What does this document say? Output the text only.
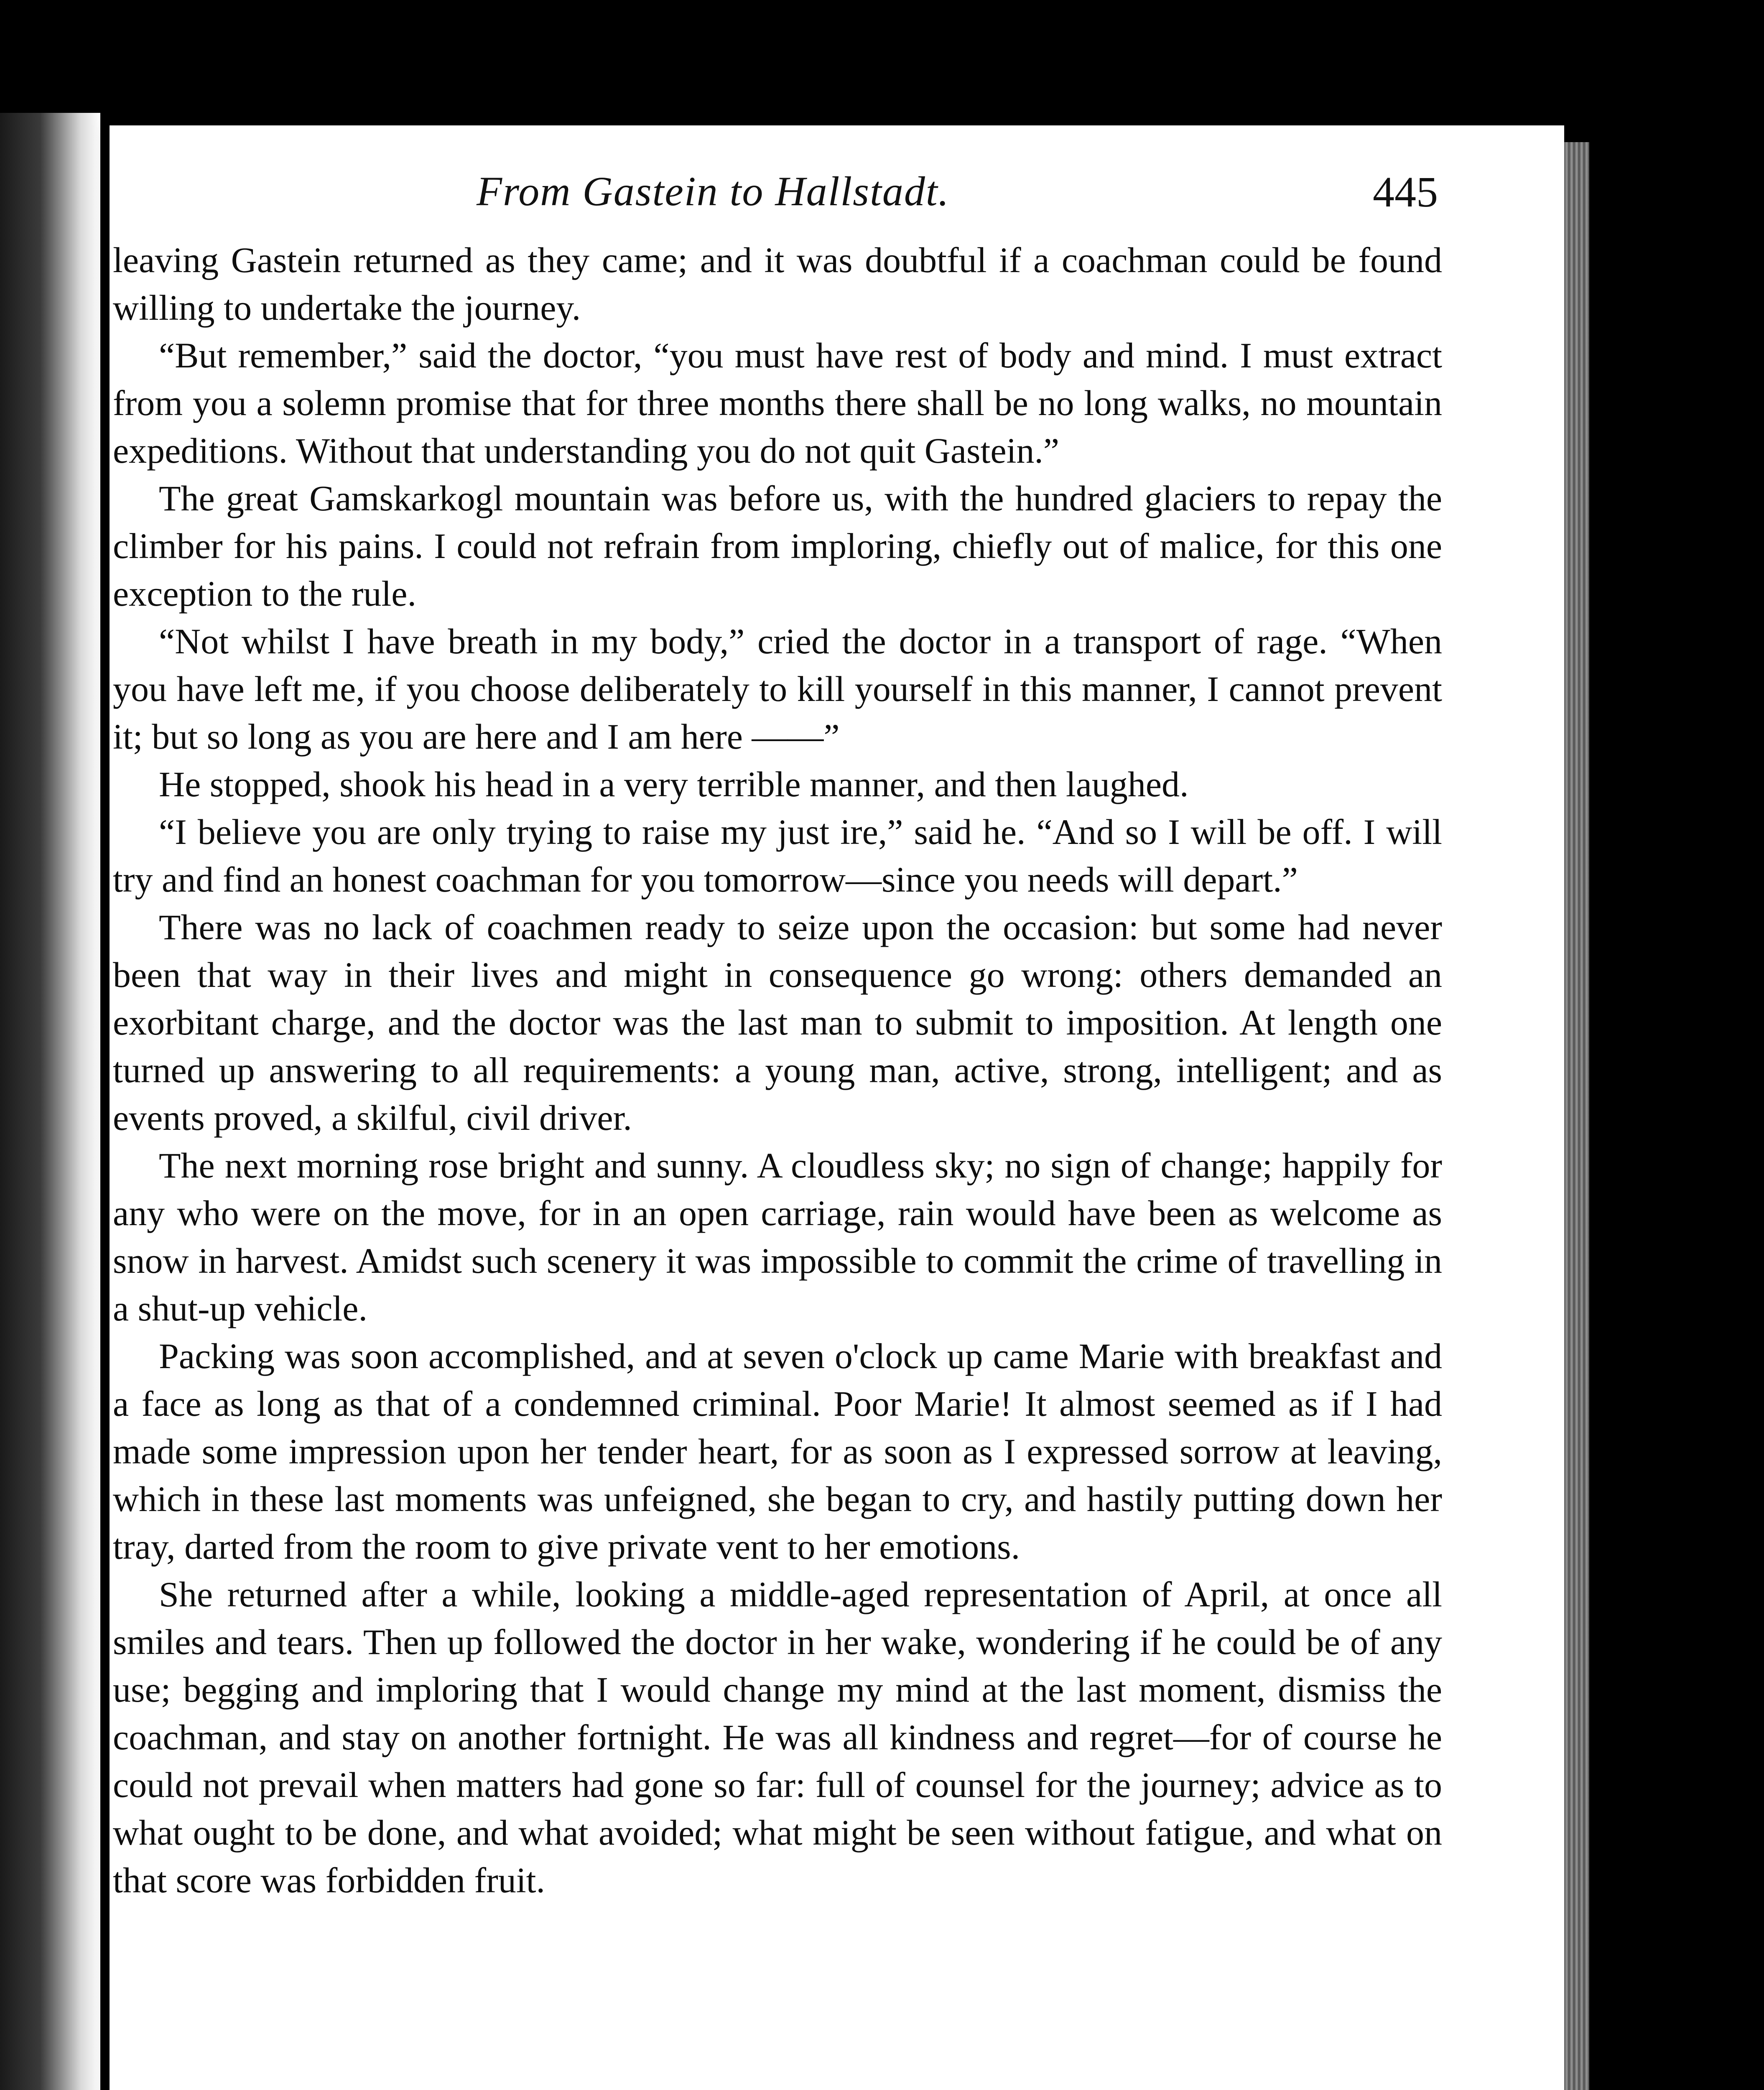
From Gastein to Hallstadt.	445

leaving Gastein returned as they came; and it was doubtful if a coachman could be found willing to undertake the journey.

“But remember,” said the doctor, “you must have rest of body and mind. I must extract from you a solemn promise that for three months there shall be no long walks, no mountain expeditions. Without that understanding you do not quit Gastein.”

The great Gamskarkogl mountain was before us, with the hundred glaciers to repay the climber for his pains. I could not refrain from imploring, chiefly out of malice, for this one exception to the rule.

“Not whilst I have breath in my body,” cried the doctor in a transport of rage. “When you have left me, if you choose deliberately to kill yourself in this manner, I cannot prevent it; but so long as you are here and I am here ——”

He stopped, shook his head in a very terrible manner, and then laughed.

“I believe you are only trying to raise my just ire,” said he. “And so I will be off. I will try and find an honest coachman for you tomorrow—since you needs will depart.”

There was no lack of coachmen ready to seize upon the occasion: but some had never been that way in their lives and might in consequence go wrong: others demanded an exorbitant charge, and the doctor was the last man to submit to imposition. At length one turned up answering to all requirements: a young man, active, strong, intelligent; and as events proved, a skilful, civil driver.

The next morning rose bright and sunny. A cloudless sky; no sign of change; happily for any who were on the move, for in an open carriage, rain would have been as welcome as snow in harvest. Amidst such scenery it was impossible to commit the crime of travelling in a shut-up vehicle.

Packing was soon accomplished, and at seven o'clock up came Marie with breakfast and a face as long as that of a condemned criminal. Poor Marie! It almost seemed as if I had made some impression upon her tender heart, for as soon as I expressed sorrow at leaving, which in these last moments was unfeigned, she began to cry, and hastily putting down her tray, darted from the room to give private vent to her emotions.

She returned after a while, looking a middle-aged representation of April, at once all smiles and tears. Then up followed the doctor in her wake, wondering if he could be of any use; begging and imploring that I would change my mind at the last moment, dismiss the coachman, and stay on another fortnight. He was all kindness and regret—for of course he could not prevail when matters had gone so far: full of counsel for the journey; advice as to what ought to be done, and what avoided; what might be seen without fatigue, and what on that score was forbidden fruit.
